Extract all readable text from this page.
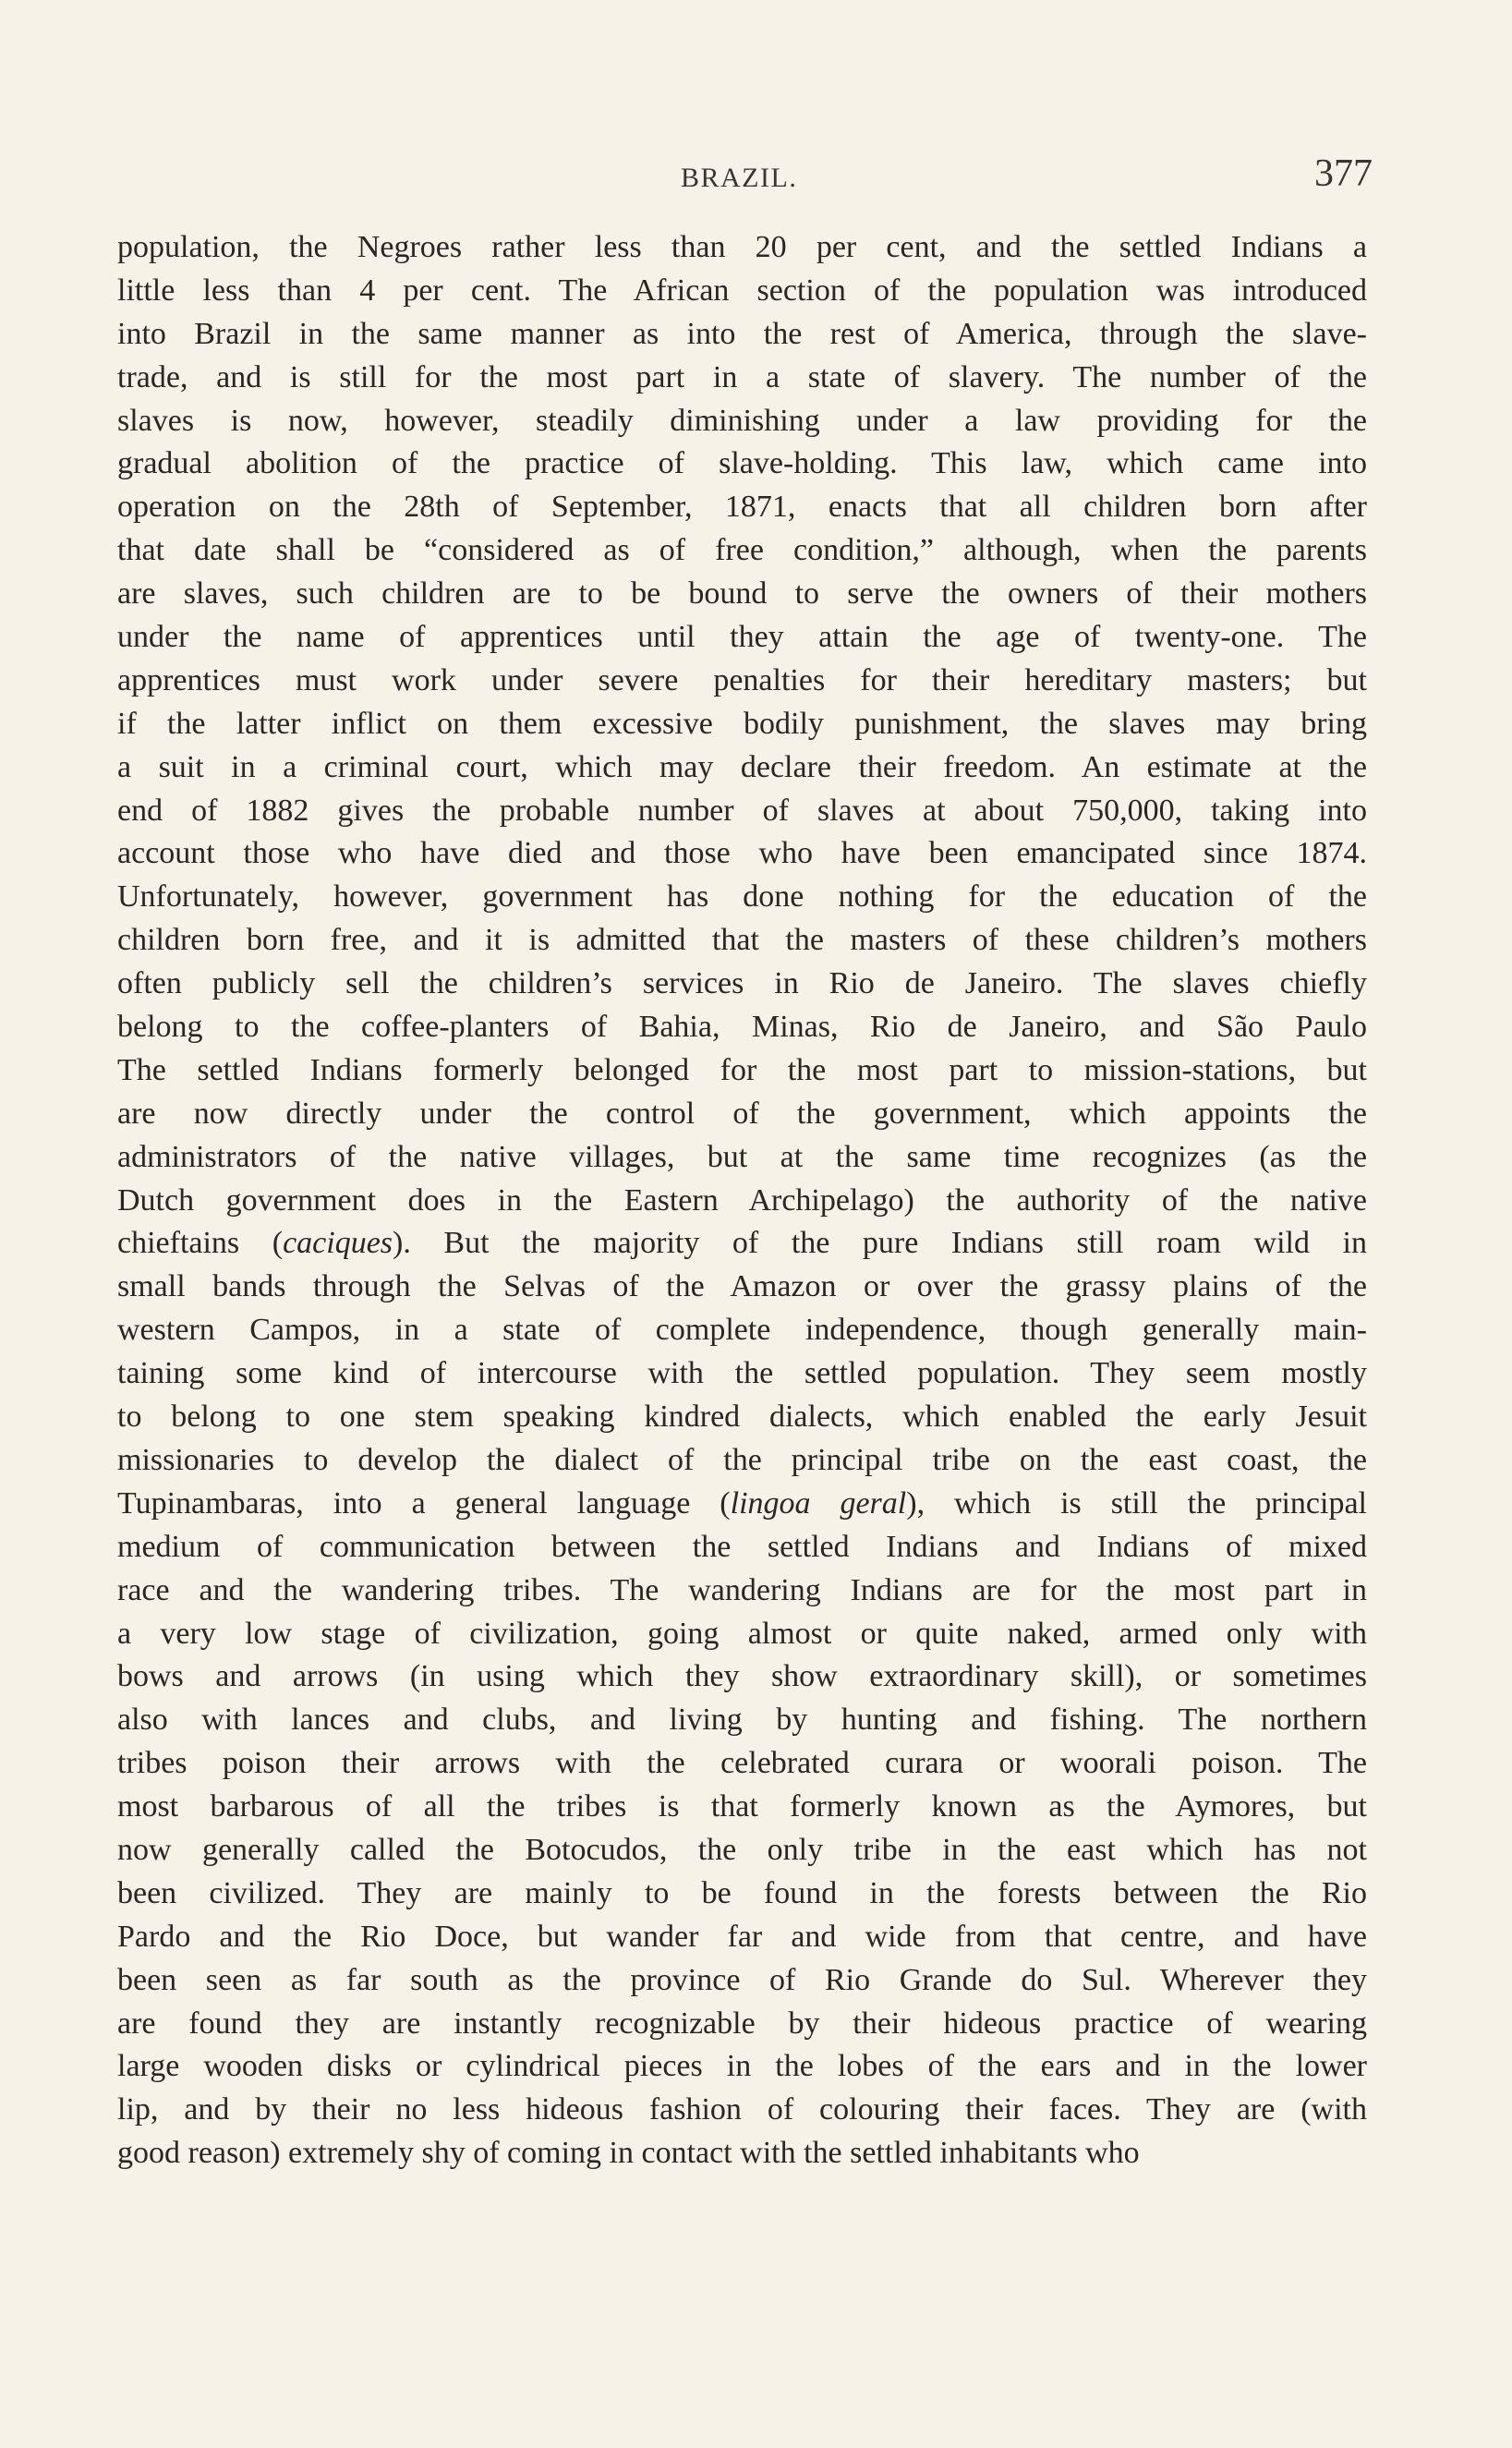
BRAZIL.	377
population, the Negroes rather less than 20 per cent, and the settled Indians a
little less than 4 per cent. The African section of the population was introduced
into Brazil in the same manner as into the rest of America, through the slave-
trade, and is still for the most part in a state of slavery. The number of the
slaves is now, however, steadily diminishing under a law providing for the
gradual abolition of the practice of slave-holding. This law, which came into
operation on the 28th of September, 1871, enacts that all children born after
that date shall be “considered as of free condition,” although, when the parents
are slaves, such children are to be bound to serve the owners of their mothers
under the name of apprentices until they attain the age of twenty-one. The
apprentices must work under severe penalties for their hereditary masters; but
if the latter inflict on them excessive bodily punishment, the slaves may bring
a suit in a criminal court, which may declare their freedom. An estimate at the
end of 1882 gives the probable number of slaves at about 750,000, taking into
account those who have died and those who have been emancipated since 1874.
Unfortunately, however, government has done nothing for the education of the
children born free, and it is admitted that the masters of these children’s mothers
often publicly sell the children’s services in Rio de Janeiro. The slaves chiefly
belong to the coffee-planters of Bahia, Minas, Rio de Janeiro, and São Paulo
The settled Indians formerly belonged for the most part to mission-stations, but
are now directly under the control of the government, which appoints the
administrators of the native villages, but at the same time recognizes (as the
Dutch government does in the Eastern Archipelago) the authority of the native
chieftains (caciques). But the majority of the pure Indians still roam wild in
small bands through the Selvas of the Amazon or over the grassy plains of the
western Campos, in a state of complete independence, though generally main-
taining some kind of intercourse with the settled population. They seem mostly
to belong to one stem speaking kindred dialects, which enabled the early Jesuit
missionaries to develop the dialect of the principal tribe on the east coast, the
Tupinambaras, into a general language (lingoa geral), which is still the principal
medium of communication between the settled Indians and Indians of mixed
race and the wandering tribes. The wandering Indians are for the most part in
a very low stage of civilization, going almost or quite naked, armed only with
bows and arrows (in using which they show extraordinary skill), or sometimes
also with lances and clubs, and living by hunting and fishing. The northern
tribes poison their arrows with the celebrated curara or woorali poison. The
most barbarous of all the tribes is that formerly known as the Aymores, but
now generally called the Botocudos, the only tribe in the east which has not
been civilized. They are mainly to be found in the forests between the Rio
Pardo and the Rio Doce, but wander far and wide from that centre, and have
been seen as far south as the province of Rio Grande do Sul. Wherever they
are found they are instantly recognizable by their hideous practice of wearing
large wooden disks or cylindrical pieces in the lobes of the ears and in the lower
lip, and by their no less hideous fashion of colouring their faces. They are (with
good reason) extremely shy of coming in contact with the settled inhabitants who
